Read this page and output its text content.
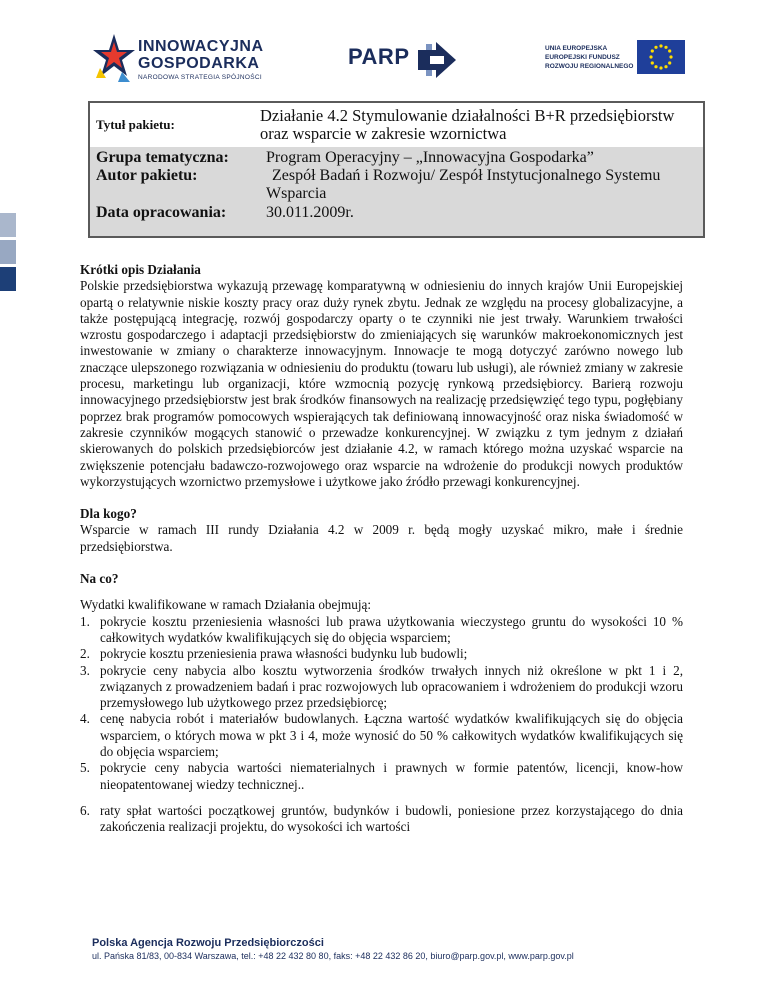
INNOWACYJNA
GOSPODARKA
NARODOWA STRATEGIA SPÓJNOŚCI
PARP	UNIA EUROPEJSKA
EUROPEJSKI FUNDUSZ
ROZWOJU REGIONALNEGO
Tytuł pakietu:	Działanie 4.2 Stymulowanie działalności B+R przedsiębiorstw
oraz wsparcie w zakresie wzornictwa
Grupa tematyczna: Program Operacyjny – „Innowacyjna Gospodarka”
Autor pakietu:	Zespół Badań i Rozwoju/ Zespół Instytucjonalnego Systemu
Wsparcia
Data opracowania: 30.011.2009r.

Krótki opis Działania

Polskie przedsiębiorstwa wykazują przewagę komparatywną w odniesieniu do innych krajów Unii Europejskiej opartą o relatywnie niskie koszty pracy oraz duży rynek zbytu. Jednak ze względu na procesy globalizacyjne, a także postępującą integrację, rozwój gospodarczy oparty o te czynniki nie jest trwały. Warunkiem trwałości wzrostu gospodarczego i adaptacji przedsiębiorstw do zmieniających się warunków makroekonomicznych jest inwestowanie w zmiany o charakterze innowacyjnym. Innowacje te mogą dotyczyć zarówno nowego lub znaczące ulepszonego rozwiązania w odniesieniu do produktu (towaru lub usługi), ale również zmiany w zakresie procesu, marketingu lub organizacji, które wzmocnią pozycję rynkową przedsiębiorcy. Barierą rozwoju innowacyjnego przedsiębiorstw jest brak środków finansowych na realizację przedsięwzięć tego typu, pogłębiany poprzez brak programów pomocowych wspierających tak definiowaną innowacyjność oraz niska świadomość w zakresie czynników mogących stanowić o przewadze konkurencyjnej. W związku z tym jednym z działań skierowanych do polskich przedsiębiorców jest działanie 4.2, w ramach którego można uzyskać wsparcie na zwiększenie potencjału badawczo-rozwojowego oraz wsparcie na wdrożenie do produkcji nowych produktów wykorzystujących wzornictwo przemysłowe i użytkowe jako źródło przewagi konkurencyjnej.

Dla kogo?

Wsparcie w ramach III rundy Działania 4.2 w 2009 r. będą mogły uzyskać mikro, małe i średnie przedsiębiorstwa.

Na co?

Wydatki kwalifikowane w ramach Działania obejmują:

1. pokrycie kosztu przeniesienia własności lub prawa użytkowania wieczystego gruntu do wysokości 10 % całkowitych wydatków kwalifikujących się do objęcia wsparciem;
2. pokrycie kosztu przeniesienia prawa własności budynku lub budowli;
3. pokrycie ceny nabycia albo kosztu wytworzenia środków trwałych innych niż określone w pkt 1 i 2, związanych z prowadzeniem badań i prac rozwojowych lub opracowaniem i wdrożeniem do produkcji wzoru przemysłowego lub użytkowego przez przedsiębiorcę;
4. cenę nabycia robót i materiałów budowlanych. Łączna wartość wydatków kwalifikujących się do objęcia wsparciem, o których mowa w pkt 3 i 4, może wynosić do 50 % całkowitych wydatków kwalifikujących się do objęcia wsparciem;
5. pokrycie ceny nabycia wartości niematerialnych i prawnych w formie patentów, licencji, know-how nieopatentowanej wiedzy technicznej..
6. raty spłat wartości początkowej gruntów, budynków i budowli, poniesione przez korzystającego do dnia zakończenia realizacji projektu, do wysokości ich wartości
Polska Agencja Rozwoju Przedsiębiorczości
ul. Pańska 81/83, 00-834 Warszawa, tel.: +48 22 432 80 80, faks: +48 22 432 86 20, biuro@parp.gov.pl, www.parp.gov.pl
